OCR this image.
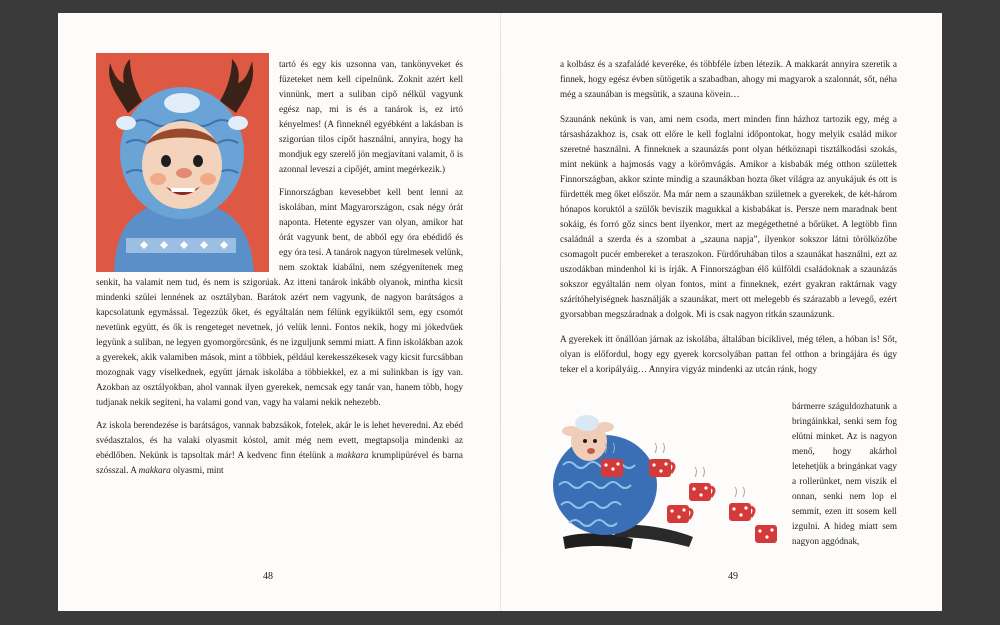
tartó és egy kis uzsonna van, tankönyveket és füzeteket nem kell cipelnünk. Zoknit azért kell vinnünk, mert a suliban cipő nélkül vagyunk egész nap, mi is és a tanárok is, ez irtó kényelmes! (A finneknél egyébként a lakásban is szigorúan tilos cipőt használni, annyira, hogy ha mondjuk egy szerelő jön megjavítani valamit, ő is azonnal leveszi a cipőjét, amint megérkezik.)

Finnországban kevesebbet kell bent lenni az iskolában, mint Magyarországon, csak négy órát naponta. Hetente egyszer van olyan, amikor hat órát vagyunk bent, de abból egy óra ebédidő és egy óra tesi. A tanárok nagyon türelmesek velünk, nem szoktak kiabálni, nem szégyenítenek meg senkit, ha valamit nem tud, és nem is szigorúak. Az itteni tanárok inkább olyanok, mintha kicsit mindenki szülei lennének az osztályban. Barátok azért nem vagyunk, de nagyon barátságos a kapcsolatunk egymással. Tegezzük őket, és egyáltalán nem félünk egyiküktől sem, egy csomót nevetünk együtt, és ők is rengeteget nevetnek, jó velük lenni. Fontos nekik, hogy mi jókedvűek legyünk a suliban, ne legyen gyomorgörcsünk, és ne izguljunk semmi miatt. A finn iskolákban azok a gyerekek, akik valamiben mások, mint a többiek, például kerekesszékesek vagy kicsit furcsábban mozognak vagy viselkednek, együtt járnak iskolába a többiekkel, ez a mi sulinkban is így van. Azokban az osztályokban, ahol vannak ilyen gyerekek, nemcsak egy tanár van, hanem több, hogy tudjanak nekik segíteni, ha valami gond van, vagy ha valami nekik nehezebb.

Az iskola berendezése is barátságos, vannak babzsákok, fotelek, akár le is lehet heveredni. Az ebéd svédasztalos, és ha valaki olyasmit kóstol, amit még nem evett, megtapsolja mindenki az ebédlőben. Nekünk is tapsoltak már! A kedvenc finn ételünk a makkara krumplipürével és barna szósszal. A makkara olyasmi, mint

48

a kolbász és a szafaládé keveréke, és többféle ízben létezik. A makkarát annyira szeretik a finnek, hogy egész évben sütögetik a szabadban, ahogy mi magyarok a szalonnát, sőt, néha még a szaunában is megsütik, a szauna kövein…

Szaunánk nekünk is van, ami nem csoda, mert minden finn házhoz tartozik egy, még a társasházakhoz is, csak ott előre le kell foglalni időpontokat, hogy melyik család mikor szeretné használni. A finneknek a szaunázás pont olyan hétköznapi tisztálkodási szokás, mint nekünk a hajmosás vagy a körömvágás. Amikor a kisbabák még otthon születtek Finnországban, akkor szinte mindig a szaunákban hozta őket világra az anyukájuk és ott is fürdették meg őket először. Ma már nem a szaunákban születnek a gyerekek, de két-három hónapos koruktól a szülők beviszik magukkal a kisbabákat is. Persze nem maradnak bent sokáig, és forró gőz sincs bent ilyenkor, mert az megégethetné a bőrüket. A legtöbb finn családnál a szerda és a szombat a „szauna napja”, ilyenkor sokszor látni törölközőbe csomagolt pucér embereket a teraszokon. Fürdőruhában tilos a szaunákat használni, ezt az uszodákban mindenhol ki is írják. A Finnországban élő külföldi családoknak a szaunázás sokszor egyáltalán nem olyan fontos, mint a finneknek, ezért gyakran raktárnak vagy szárítóhelyiségnek használják a szaunákat, mert ott melegebb és szárazabb a levegő, ezért gyorsabban megszáradnak a dolgok. Mi is csak nagyon ritkán szaunázunk.

A gyerekek itt önállóan járnak az iskolába, általában biciklivel, még télen, a hóban is! Sőt, olyan is előfordul, hogy egy gyerek korcsolyában pattan fel otthon a bringájára és úgy teker el a koripályáig… Annyira vigyáz mindenki az utcán ránk, hogy

bármerre száguldozhatunk a bringáinkkal, senki sem fog elütni minket. Az is nagyon menő, hogy akárhol letehetjük a bringánkat vagy a rollerünket, nem viszik el onnan, senki nem lop el semmit, ezen itt sosem kell izgulni. A hideg miatt sem nagyon aggódnak,

49
